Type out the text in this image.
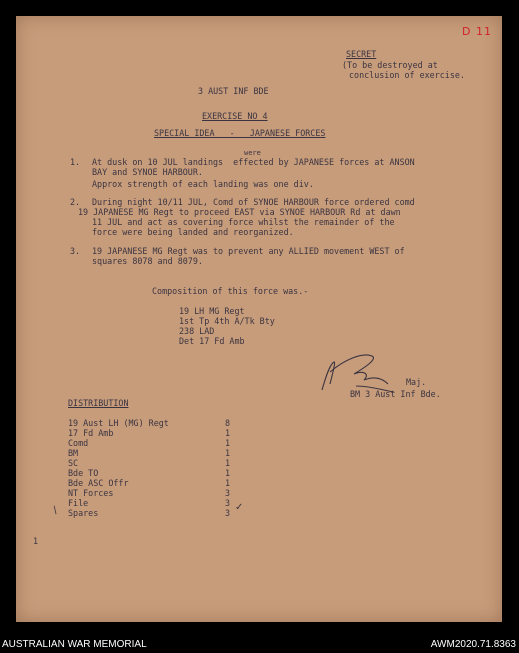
D 11
SECRET
(To be destroyed at
conclusion of exercise.
3 AUST INF BDE
EXERCISE NO 4
SPECIAL IDEA   -   JAPANESE FORCES
1.
were
At dusk on 10 JUL landings  effected by JAPANESE forces at ANSON
BAY and SYNOE HARBOUR.
Approx strength of each landing was one div.
2. During night 10/11 JUL, Comd of SYNOE HARBOUR force ordered comd
19 JAPANESE MG Regt to proceed EAST via SYNOE HARBOUR Rd at dawn
11 JUL and act as covering force whilst the remainder of the
force were being landed and reorganized.
3. 19 JAPANESE MG Regt was to prevent any ALLIED movement WEST of
squares 8078 and 8079.
Composition of this force was.-
19 LH MG Regt
1st Tp 4th A/Tk Bty
238 LAD
Det 17 Fd Amb
Maj.
BM 3 Aust Inf Bde.
DISTRIBUTION
19 Aust LH (MG) Regt	8
17 Fd Amb	1
Comd	1
BM	1
SC	1
Bde TO	1
Bde ASC Offr	1
NT Forces	3
File	3
Spares	3 ✓
/
1
AUSTRALIAN WAR MEMORIAL	AWM2020.71.8363
